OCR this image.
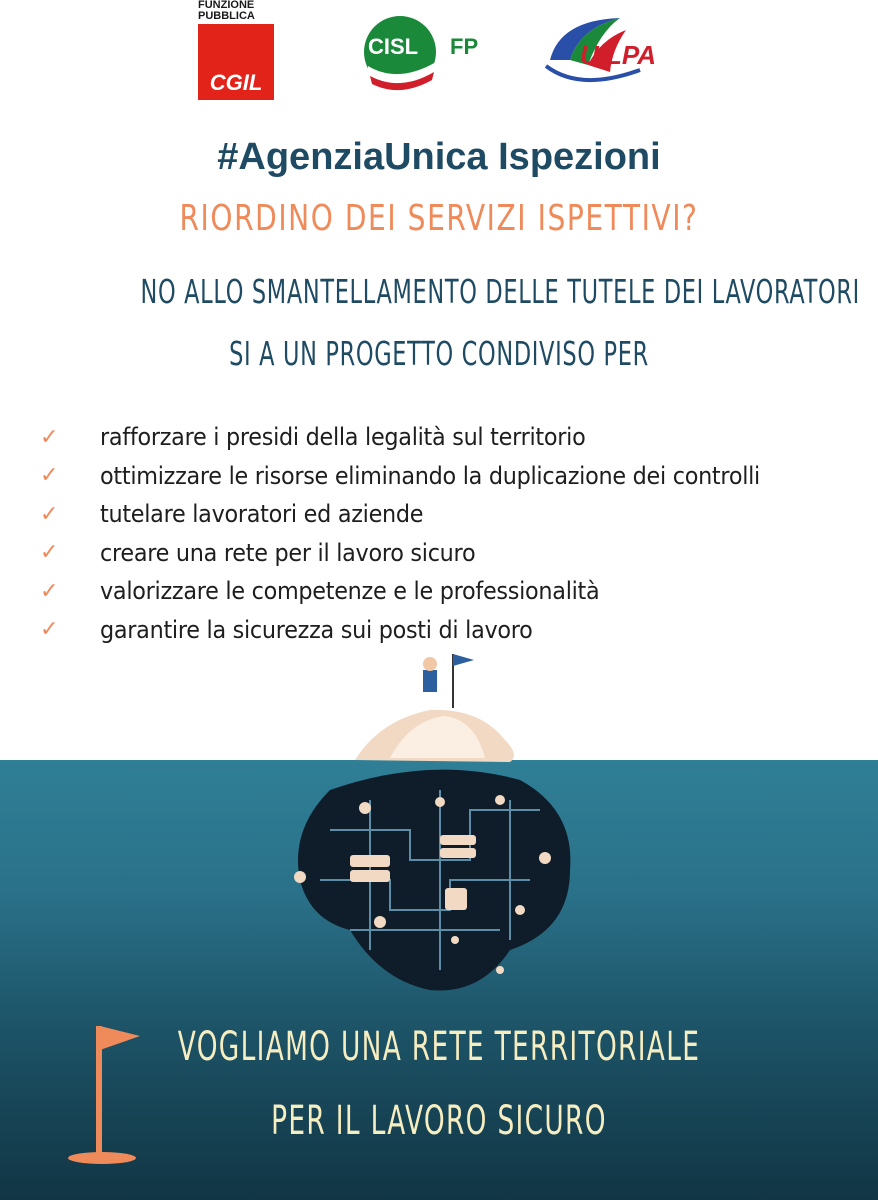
FUNZIONE PUBBLICA
CGIL
CISL FP	UILPA
#AgenziaUnica Ispezioni
RIORDINO DEI SERVIZI ISPETTIVI?
NO ALLO SMANTELLAMENTO DELLE TUTELE DEI LAVORATORI
SI A UN PROGETTO CONDIVISO PER
✓	rafforzare i presidi della legalità sul territorio
✓	ottimizzare le risorse eliminando la duplicazione dei controlli
✓	tutelare lavoratori ed aziende
✓	creare una rete per il lavoro sicuro
✓	valorizzare le competenze e le professionalità
✓	garantire la sicurezza sui posti di lavoro
VOGLIAMO UNA RETE TERRITORIALE
PER IL LAVORO SICURO
